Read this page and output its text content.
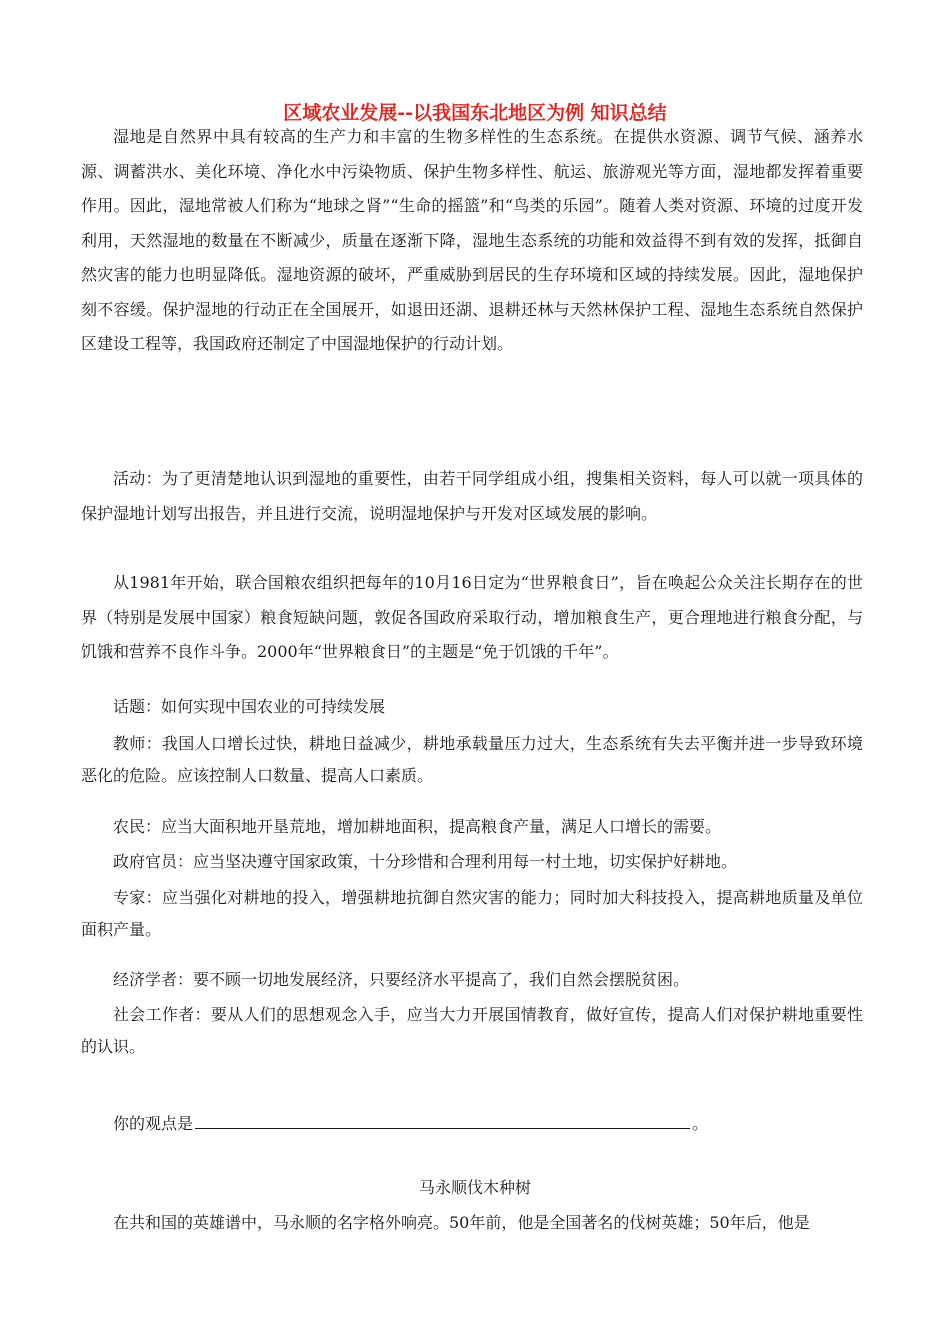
区域农业发展--以我国东北地区为例 知识总结
湿地是自然界中具有较高的生产力和丰富的生物多样性的生态系统。在提供水资源、调节气候、涵养水源、调蓄洪水、美化环境、净化水中污染物质、保护生物多样性、航运、旅游观光等方面，湿地都发挥着重要作用。因此，湿地常被人们称为“地球之肾”“生命的摇篮”和“鸟类的乐园”。随着人类对资源、环境的过度开发利用，天然湿地的数量在不断减少，质量在逐渐下降，湿地生态系统的功能和效益得不到有效的发挥，抵御自然灾害的能力也明显降低。湿地资源的破坏，严重威胁到居民的生存环境和区域的持续发展。因此，湿地保护刻不容缓。保护湿地的行动正在全国展开，如退田还湖、退耕还林与天然林保护工程、湿地生态系统自然保护区建设工程等，我国政府还制定了中国湿地保护的行动计划。
活动：为了更清楚地认识到湿地的重要性，由若干同学组成小组，搜集相关资料，每人可以就一项具体的保护湿地计划写出报告，并且进行交流，说明湿地保护与开发对区域发展的影响。
从1981年开始，联合国粮农组织把每年的10月16日定为“世界粮食日”，旨在唤起公众关注长期存在的世界（特别是发展中国家）粮食短缺问题，敦促各国政府采取行动，增加粮食生产，更合理地进行粮食分配，与饥饿和营养不良作斗争。2000年“世界粮食日”的主题是“免于饥饿的千年”。
话题：如何实现中国农业的可持续发展
教师：我国人口增长过快，耕地日益减少，耕地承载量压力过大，生态系统有失去平衡并进一步导致环境恶化的危险。应该控制人口数量、提高人口素质。
农民：应当大面积地开垦荒地，增加耕地面积，提高粮食产量，满足人口增长的需要。
政府官员：应当坚决遵守国家政策，十分珍惜和合理利用每一村土地，切实保护好耕地。
专家：应当强化对耕地的投入，增强耕地抗御自然灾害的能力；同时加大科技投入，提高耕地质量及单位面积产量。
经济学者：要不顾一切地发展经济，只要经济水平提高了，我们自然会摆脱贫困。
社会工作者：要从人们的思想观念入手，应当大力开展国情教育，做好宣传，提高人们对保护耕地重要性的认识。
你的观点是	。
马永顺伐木种树
在共和国的英雄谱中，马永顺的名字格外响亮。50年前，他是全国著名的伐树英雄；50年后，他是
